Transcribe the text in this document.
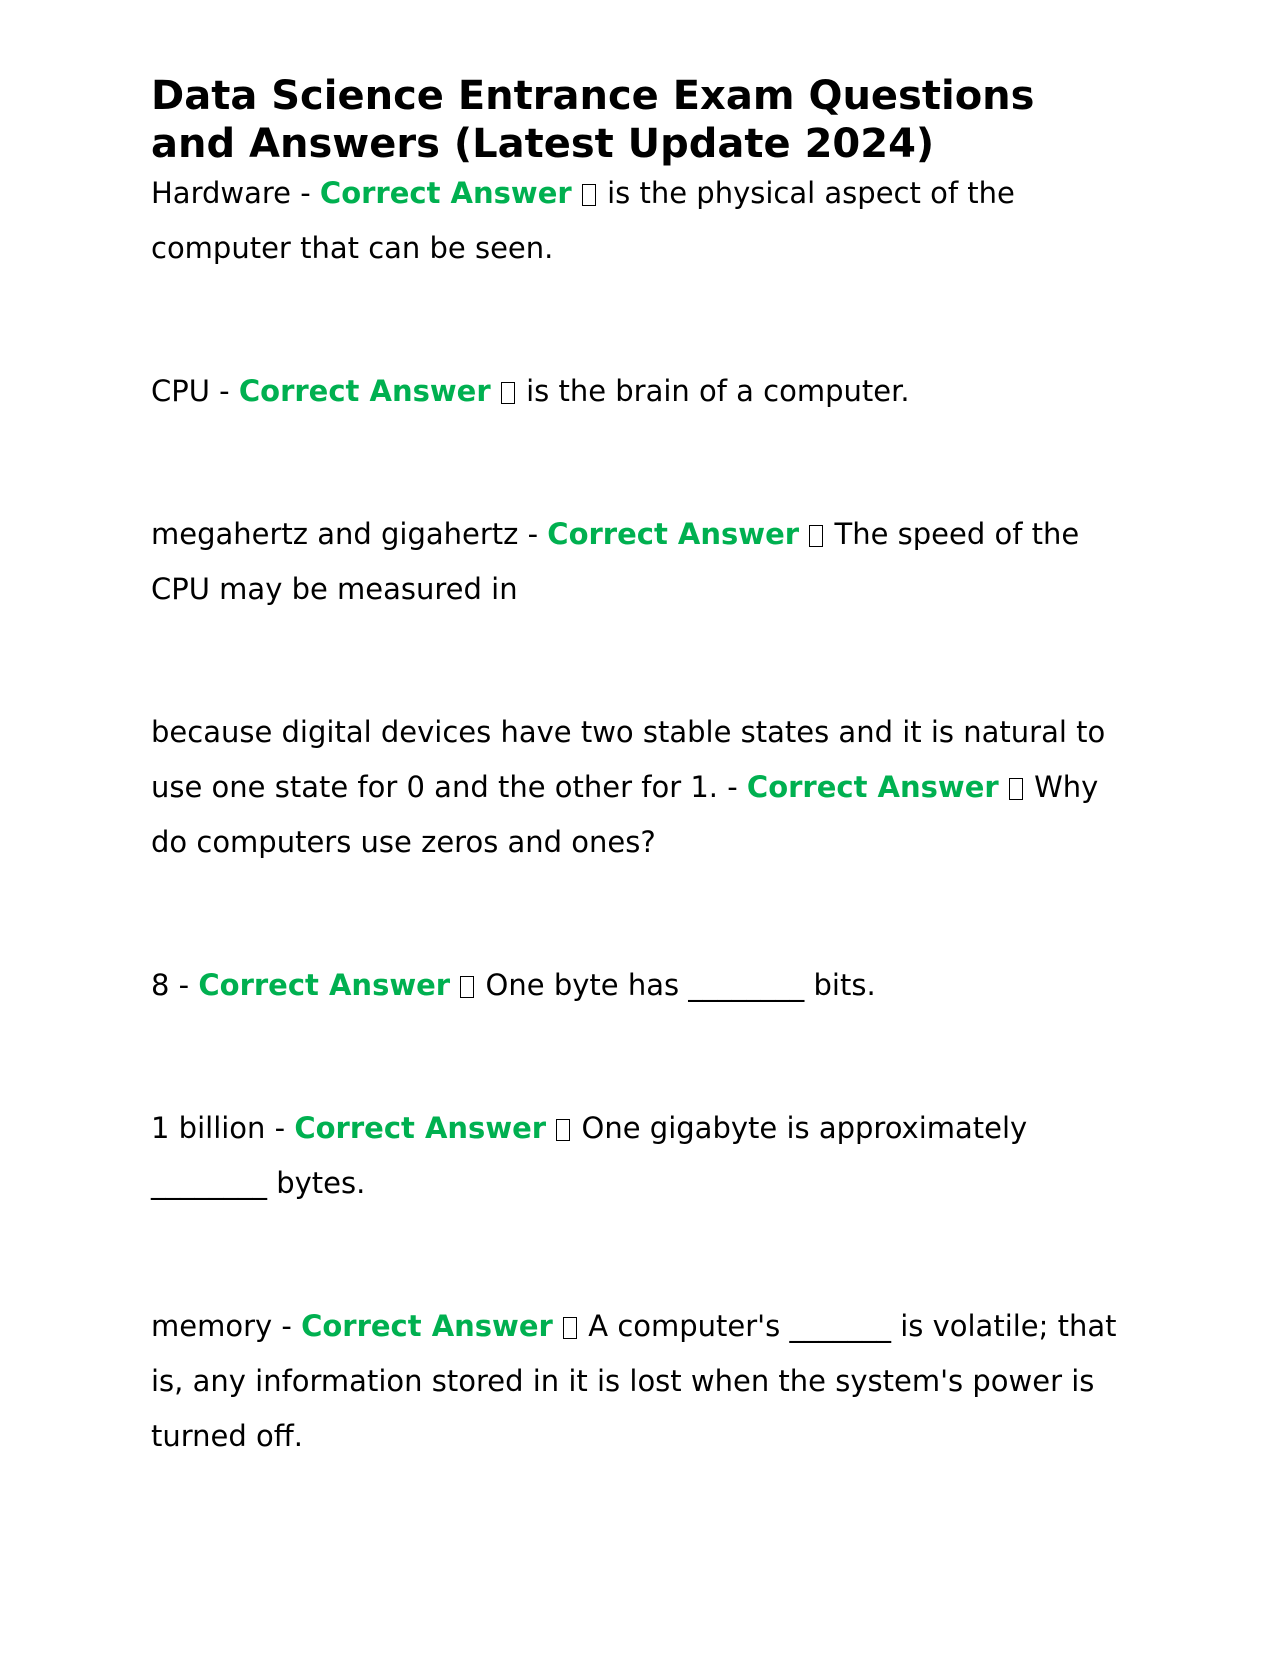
Data Science Entrance Exam Questions and Answers (Latest Update 2024)

Hardware - Correct Answer is the physical aspect of the computer that can be seen.

CPU - Correct Answer is the brain of a computer.

megahertz and gigahertz - Correct Answer The speed of the CPU may be measured in

because digital devices have two stable states and it is natural to use one state for 0 and the other for 1. - Correct Answer Why do computers use zeros and ones?

8 - Correct Answer One byte has ________ bits.

1 billion - Correct Answer One gigabyte is approximately ________ bytes.

memory - Correct Answer A computer's _______ is volatile; that is, any information stored in it is lost when the system's power is turned off.
